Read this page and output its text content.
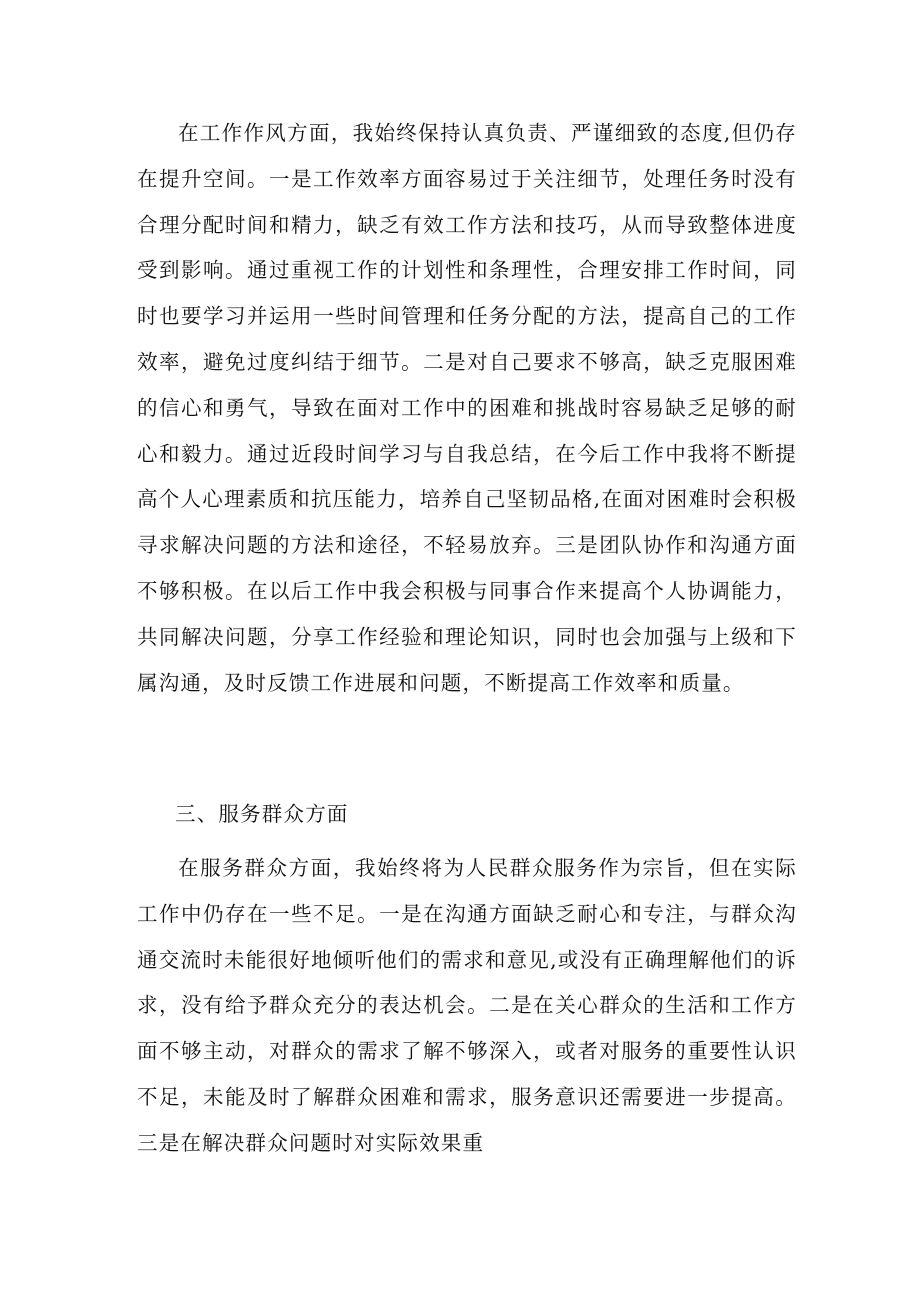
在工作作风方面，我始终保持认真负责、严谨细致的态度,但仍存在提升空间。一是工作效率方面容易过于关注细节，处理任务时没有合理分配时间和精力，缺乏有效工作方法和技巧，从而导致整体进度受到影响。通过重视工作的计划性和条理性，合理安排工作时间，同时也要学习并运用一些时间管理和任务分配的方法，提高自己的工作效率，避免过度纠结于细节。二是对自己要求不够高，缺乏克服困难的信心和勇气，导致在面对工作中的困难和挑战时容易缺乏足够的耐心和毅力。通过近段时间学习与自我总结，在今后工作中我将不断提高个人心理素质和抗压能力，培养自己坚韧品格,在面对困难时会积极寻求解决问题的方法和途径，不轻易放弃。三是团队协作和沟通方面不够积极。在以后工作中我会积极与同事合作来提高个人协调能力，共同解决问题，分享工作经验和理论知识，同时也会加强与上级和下属沟通，及时反馈工作进展和问题，不断提高工作效率和质量。

三、服务群众方面

在服务群众方面，我始终将为人民群众服务作为宗旨，但在实际工作中仍存在一些不足。一是在沟通方面缺乏耐心和专注，与群众沟通交流时未能很好地倾听他们的需求和意见,或没有正确理解他们的诉求，没有给予群众充分的表达机会。二是在关心群众的生活和工作方面不够主动，对群众的需求了解不够深入，或者对服务的重要性认识不足，未能及时了解群众困难和需求，服务意识还需要进一步提高。三是在解决群众问题时对实际效果重
